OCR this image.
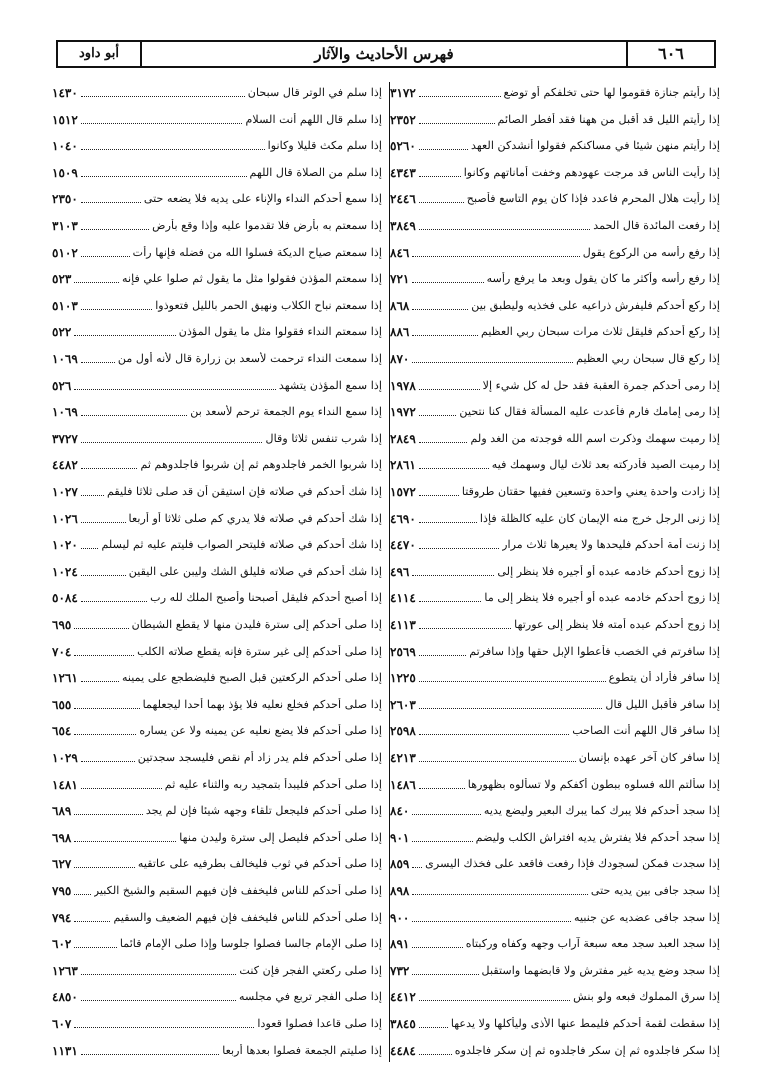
٦٠٦
فهرس الأحاديث والآثار
أبو داود
إذا رأيتم جنازة فقوموا لها حتى تخلفكم أو توضع
٣١٧٢
إذا رأيتم الليل قد أقبل من ههنا فقد أفطر الصائم
٢٣٥٢
إذا رأيتم منهن شيئا في مساكنكم فقولوا أنشدكن العهد
٥٢٦٠
إذا رأيت الناس قد مرجت عهودهم وخفت أماناتهم وكانوا
٤٣٤٣
إذا رأيت هلال المحرم فاعدد فإذا كان يوم التاسع فأصبح
٢٤٤٦
إذا رفعت المائدة قال الحمد
٣٨٤٩
إذا رفع رأسه من الركوع يقول
٨٤٦
إذا رفع رأسه وأكثر ما كان يقول وبعد ما يرفع رأسه
٧٢١
إذا ركع أحدكم فليفرش ذراعيه على فخذيه وليطبق بين
٨٦٨
إذا ركع أحدكم فليقل ثلاث مرات سبحان ربي العظيم
٨٨٦
إذا ركع قال سبحان ربي العظيم
٨٧٠
إذا رمى أحدكم جمرة العقبة فقد حل له كل شيء إلا
١٩٧٨
إذا رمى إمامك فارم فأعدت عليه المسألة فقال كنا نتحين
١٩٧٢
إذا رميت سهمك وذكرت اسم الله فوجدته من الغد ولم
٢٨٤٩
إذا رميت الصيد فأدركته بعد ثلاث ليال وسهمك فيه
٢٨٦١
إذا زادت واحدة يعني واحدة وتسعين ففيها حقتان طروقتا
١٥٧٢
إذا زنى الرجل خرج منه الإيمان كان عليه كالظلة فإذا
٤٦٩٠
إذا زنت أمة أحدكم فليحدها ولا يعيرها ثلاث مرار
٤٤٧٠
إذا زوج أحدكم خادمه عبده أو أجيره فلا ينظر إلى
٤٩٦
إذا زوج أحدكم خادمه عبده أو أجيره فلا ينظر إلى ما
٤١١٤
إذا زوج أحدكم عبده أمته فلا ينظر إلى عورتها
٤١١٣
إذا سافرتم في الخصب فأعطوا الإبل حقها وإذا سافرتم
٢٥٦٩
إذا سافر فأراد أن يتطوع
١٢٢٥
إذا سافر فأقبل الليل قال
٢٦٠٣
إذا سافر قال اللهم أنت الصاحب
٢٥٩٨
إذا سافر كان آخر عهده بإنسان
٤٢١٣
إذا سألتم الله فسلوه ببطون أكفكم ولا تسألوه بظهورها
١٤٨٦
إذا سجد أحدكم فلا يبرك كما يبرك البعير وليضع يديه
٨٤٠
إذا سجد أحدكم فلا يفترش يديه افتراش الكلب وليضم
٩٠١
إذا سجدت فمكن لسجودك فإذا رفعت فاقعد على فخذك اليسرى
٨٥٩
إذا سجد جافى بين يديه حتى
٨٩٨
إذا سجد جافى عضديه عن جنبيه
٩٠٠
إذا سجد العبد سجد معه سبعة آراب وجهه وكفاه وركبتاه
٨٩١
إذا سجد وضع يديه غير مفترش ولا قابضهما واستقبل
٧٣٢
إذا سرق المملوك فبعه ولو بنش
٤٤١٢
إذا سقطت لقمة أحدكم فليمط عنها الأذى وليأكلها ولا يدعها
٣٨٤٥
إذا سكر فاجلدوه ثم إن سكر فاجلدوه ثم إن سكر فاجلدوه
٤٤٨٤
إذا سلم في الوتر قال سبحان
١٤٣٠
إذا سلم قال اللهم أنت السلام
١٥١٢
إذا سلم مكث قليلا وكانوا
١٠٤٠
إذا سلم من الصلاة قال اللهم
١٥٠٩
إذا سمع أحدكم النداء والإناء على يديه فلا يضعه حتى
٢٣٥٠
إذا سمعتم به بأرض فلا تقدموا عليه وإذا وقع بأرض
٣١٠٣
إذا سمعتم صياح الديكة فسلوا الله من فضله فإنها رأت
٥١٠٢
إذا سمعتم المؤذن فقولوا مثل ما يقول ثم صلوا علي فإنه
٥٢٣
إذا سمعتم نباح الكلاب ونهيق الحمر بالليل فتعوذوا
٥١٠٣
إذا سمعتم النداء فقولوا مثل ما يقول المؤذن
٥٢٢
إذا سمعت النداء ترحمت لأسعد بن زرارة قال لأنه أول من
١٠٦٩
إذا سمع المؤذن يتشهد
٥٢٦
إذا سمع النداء يوم الجمعة ترحم لأسعد بن
١٠٦٩
إذا شرب تنفس ثلاثا وقال
٣٧٢٧
إذا شربوا الخمر فاجلدوهم ثم إن شربوا فاجلدوهم ثم
٤٤٨٢
إذا شك أحدكم في صلاته فإن استيقن أن قد صلى ثلاثا فليقم
١٠٢٧
إذا شك أحدكم في صلاته فلا يدري كم صلى ثلاثا أو أربعا
١٠٢٦
إذا شك أحدكم في صلاته فليتحر الصواب فليتم عليه ثم ليسلم
١٠٢٠
إذا شك أحدكم في صلاته فليلق الشك وليبن على اليقين
١٠٢٤
إذا أصبح أحدكم فليقل أصبحنا وأصبح الملك لله رب
٥٠٨٤
إذا صلى أحدكم إلى سترة فليدن منها لا يقطع الشيطان
٦٩٥
إذا صلى أحدكم إلى غير سترة فإنه يقطع صلاته الكلب
٧٠٤
إذا صلى أحدكم الركعتين قبل الصبح فليضطجع على يمينه
١٢٦١
إذا صلى أحدكم فخلع نعليه فلا يؤذ بهما أحدا ليجعلهما
٦٥٥
إذا صلى أحدكم فلا يضع نعليه عن يمينه ولا عن يساره
٦٥٤
إذا صلى أحدكم فلم يدر زاد أم نقص فليسجد سجدتين
١٠٢٩
إذا صلى أحدكم فليبدأ بتمجيد ربه والثناء عليه ثم
١٤٨١
إذا صلى أحدكم فليجعل تلقاء وجهه شيئا فإن لم يجد
٦٨٩
إذا صلى أحدكم فليصل إلى سترة وليدن منها
٦٩٨
إذا صلى أحدكم في ثوب فليخالف بطرفيه على عاتقيه
٦٢٧
إذا صلى أحدكم للناس فليخفف فإن فيهم السقيم والشيخ الكبير
٧٩٥
إذا صلى أحدكم للناس فليخفف فإن فيهم الضعيف والسقيم
٧٩٤
إذا صلى الإمام جالسا فصلوا جلوسا وإذا صلى الإمام قائما
٦٠٢
إذا صلى ركعتي الفجر فإن كنت
١٢٦٣
إذا صلى الفجر تربع في مجلسه
٤٨٥٠
إذا صلى قاعدا فصلوا قعودا
٦٠٧
إذا صليتم الجمعة فصلوا بعدها أربعا
١١٣١
